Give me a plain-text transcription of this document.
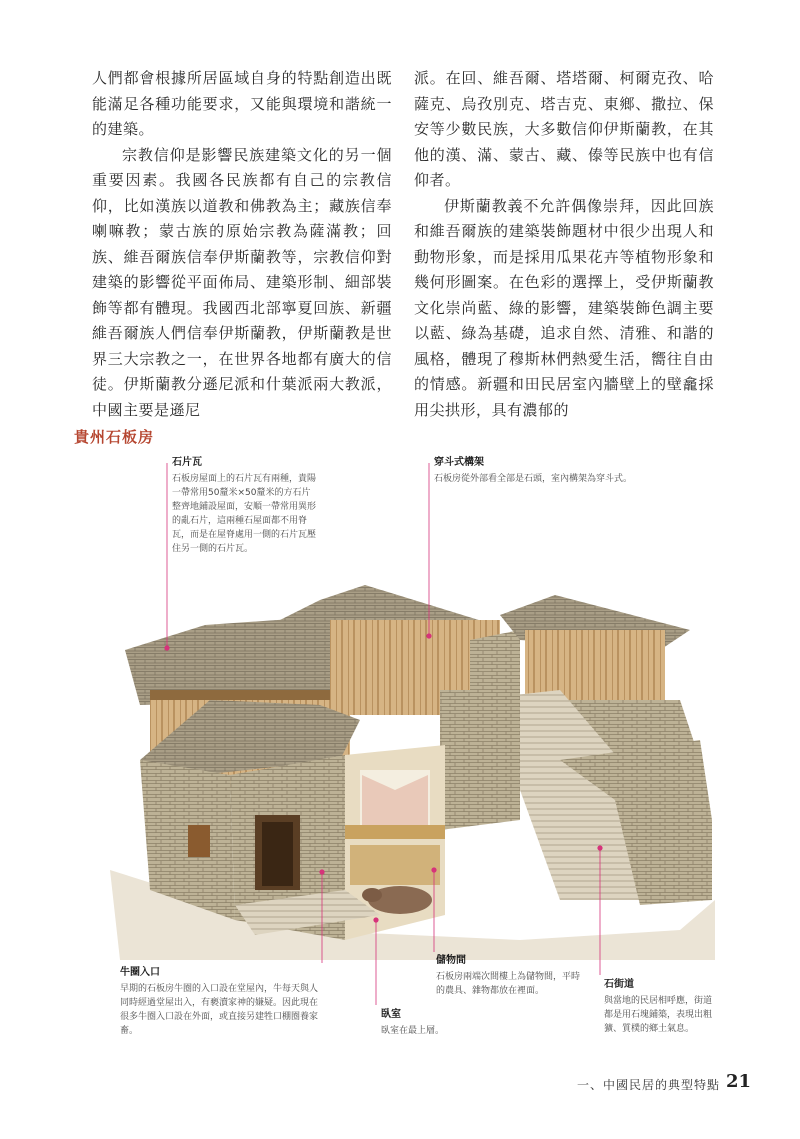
人們都會根據所居區域自身的特點創造出既能滿足各種功能要求，又能與環境和諧統一的建築。

宗教信仰是影響民族建築文化的另一個重要因素。我國各民族都有自己的宗教信仰，比如漢族以道教和佛教為主；藏族信奉喇嘛教；蒙古族的原始宗教為薩滿教；回族、維吾爾族信奉伊斯蘭教等，宗教信仰對建築的影響從平面佈局、建築形制、細部裝飾等都有體現。我國西北部寧夏回族、新疆維吾爾族人們信奉伊斯蘭教，伊斯蘭教是世界三大宗教之一，在世界各地都有廣大的信徒。伊斯蘭教分遜尼派和什葉派兩大教派，中國主要是遜尼

派。在回、維吾爾、塔塔爾、柯爾克孜、哈薩克、烏孜別克、塔吉克、東鄉、撒拉、保安等少數民族，大多數信仰伊斯蘭教，在其他的漢、滿、蒙古、藏、傣等民族中也有信仰者。

伊斯蘭教義不允許偶像崇拜，因此回族和維吾爾族的建築裝飾題材中很少出現人和動物形象，而是採用瓜果花卉等植物形象和幾何形圖案。在色彩的選擇上，受伊斯蘭教文化崇尚藍、綠的影響，建築裝飾色調主要以藍、綠為基礎，追求自然、清雅、和諧的風格，體現了穆斯林們熱愛生活，嚮往自由的情感。新疆和田民居室內牆壁上的壁龕採用尖拱形，具有濃郁的

貴州石板房
石片瓦

石板房屋面上的石片瓦有兩種，貴陽一帶常用50釐米×50釐米的方石片整齊地鋪設屋面，安順一帶常用異形的亂石片，這兩種石屋面都不用脊瓦，而是在屋脊處用一側的石片瓦壓住另一側的石片瓦。

穿斗式構架

石板房從外部看全部是石頭，室內構架為穿斗式。

牛圈入口

早期的石板房牛圈的入口設在堂屋內，牛每天與人同時經過堂屋出入，有褻瀆家神的嫌疑。因此現在很多牛圈入口設在外面，或直接另建牲口棚圈養家畜。

臥室

臥室在最上層。

儲物間

石板房兩端次間樓上為儲物間，平時的農具、雜物都放在裡面。

石街道

與當地的民居相呼應，街道都是用石塊鋪築，表現出粗獷、質樸的鄉土氣息。

一、中國民居的典型特點 21
